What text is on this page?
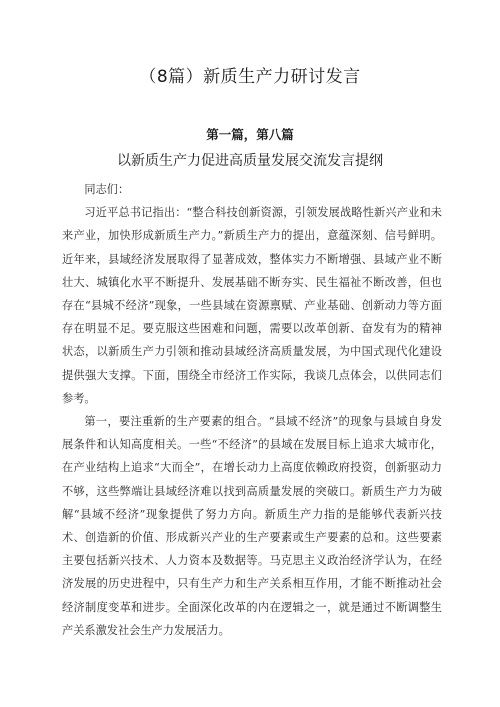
（8篇）新质生产力研讨发言
第一篇，第八篇
以新质生产力促进高质量发展交流发言提纲

同志们：

习近平总书记指出：“整合科技创新资源，引领发展战略性新兴产业和未来产业，加快形成新质生产力。”新质生产力的提出，意蕴深刻、信号鲜明。近年来，县域经济发展取得了显著成效，整体实力不断增强、县域产业不断壮大、城镇化水平不断提升、发展基础不断夯实、民生福祉不断改善，但也存在“县城不经济”现象，一些县域在资源禀赋、产业基础、创新动力等方面存在明显不足。要克服这些困难和问题，需要以改革创新、奋发有为的精神状态，以新质生产力引领和推动县域经济高质量发展，为中国式现代化建设提供强大支撑。下面，围绕全市经济工作实际，我谈几点体会，以供同志们参考。

第一，要注重新的生产要素的组合。“县域不经济”的现象与县域自身发展条件和认知高度相关。一些“不经济”的县域在发展目标上追求大城市化，在产业结构上追求“大而全”，在增长动力上高度依赖政府投资，创新驱动力不够，这些弊端让县域经济难以找到高质量发展的突破口。新质生产力为破解“县域不经济”现象提供了努力方向。新质生产力指的是能够代表新兴技术、创造新的价值、形成新兴产业的生产要素或生产要素的总和。这些要素主要包括新兴技术、人力资本及数据等。马克思主义政治经济学认为，在经济发展的历史进程中，只有生产力和生产关系相互作用，才能不断推动社会经济制度变革和进步。全面深化改革的内在逻辑之一，就是通过不断调整生产关系激发社会生产力发展活力。
